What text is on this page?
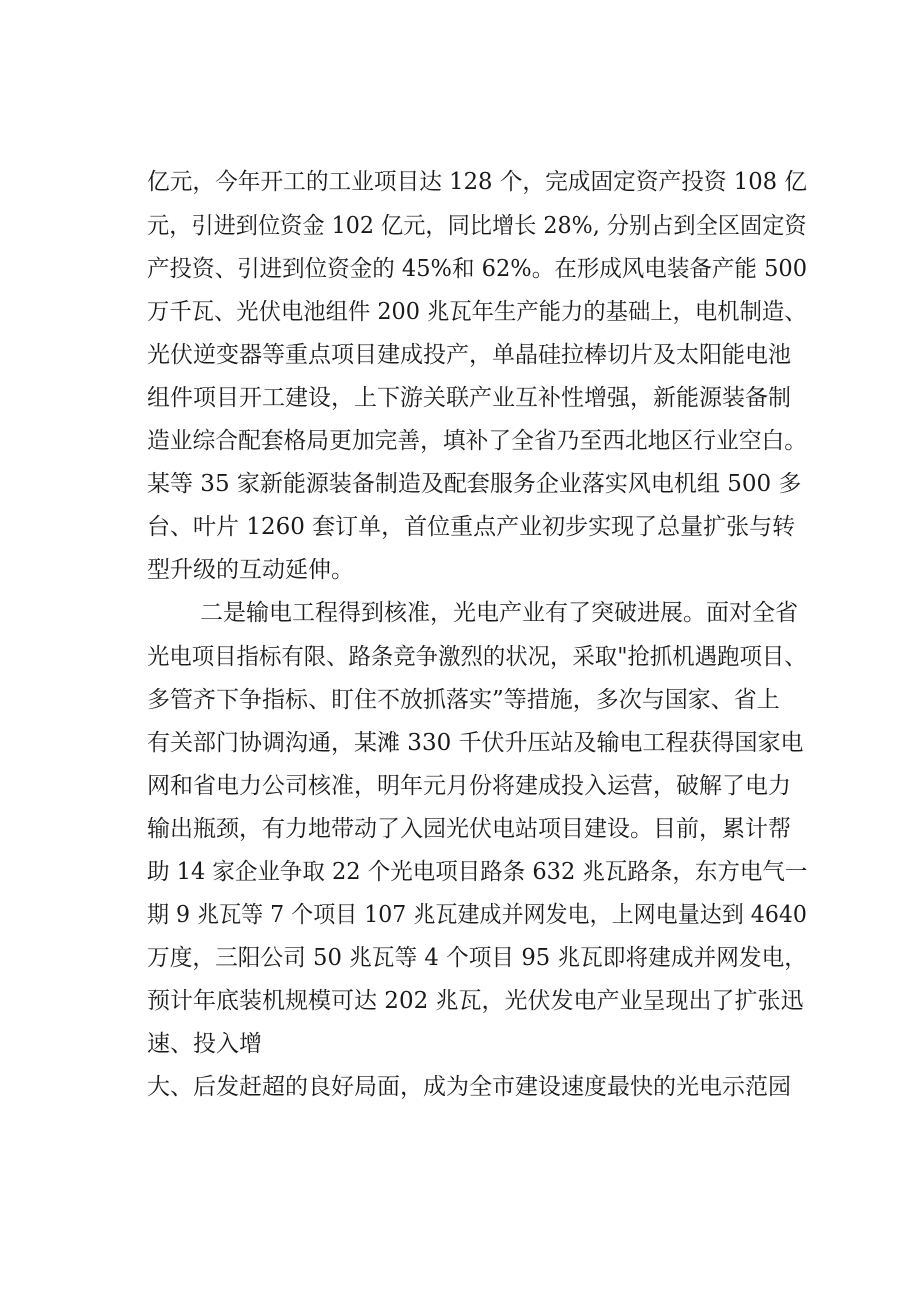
亿元，今年开工的工业项目达 128 个，完成固定资产投资 108 亿
元，引进到位资金 102 亿元，同比增长 28%, 分别占到全区固定资
产投资、引进到位资金的 45%和 62%。在形成风电装备产能 500
万千瓦、光伏电池组件 200 兆瓦年生产能力的基础上，电机制造、
光伏逆变器等重点项目建成投产，单晶硅拉棒切片及太阳能电池
组件项目开工建设，上下游关联产业互补性增强，新能源装备制
造业综合配套格局更加完善，填补了全省乃至西北地区行业空白。
某等 35 家新能源装备制造及配套服务企业落实风电机组 500 多
台、叶片 1260 套订单，首位重点产业初步实现了总量扩张与转
型升级的互动延伸。
二是输电工程得到核准，光电产业有了突破进展。面对全省
光电项目指标有限、路条竞争激烈的状况，采取"抢抓机遇跑项目、
多管齐下争指标、盯住不放抓落实”等措施，多次与国家、省上
有关部门协调沟通，某滩 330 千伏升压站及输电工程获得国家电
网和省电力公司核准，明年元月份将建成投入运营，破解了电力
输出瓶颈，有力地带动了入园光伏电站项目建设。目前，累计帮
助 14 家企业争取 22 个光电项目路条 632 兆瓦路条，东方电气一
期 9 兆瓦等 7 个项目 107 兆瓦建成并网发电，上网电量达到 4640
万度，三阳公司 50 兆瓦等 4 个项目 95 兆瓦即将建成并网发电，
预计年底装机规模可达 202 兆瓦，光伏发电产业呈现出了扩张迅
速、投入增
大、后发赶超的良好局面，成为全市建设速度最快的光电示范园
